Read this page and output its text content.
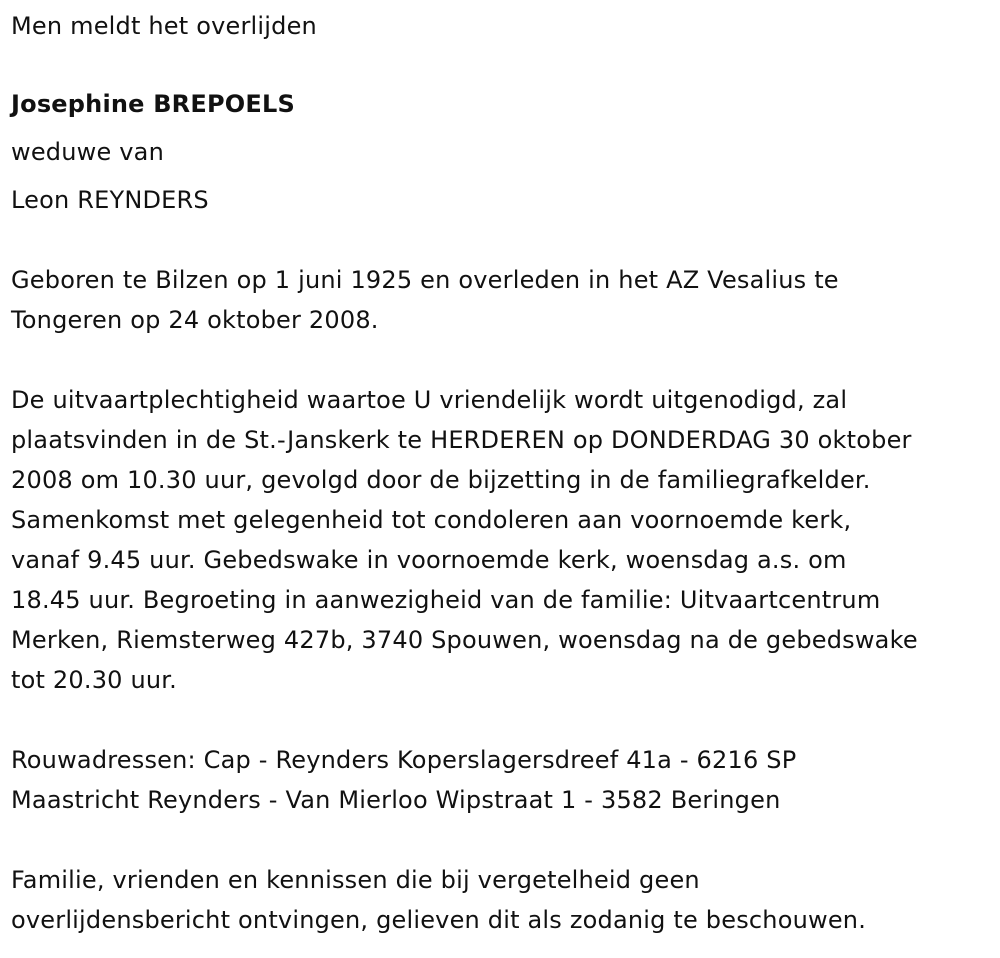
Men meldt het overlijden
Josephine BREPOELS
weduwe van
Leon REYNDERS

Geboren te Bilzen op 1 juni 1925 en overleden in het AZ Vesalius te

Tongeren op 24 oktober 2008.

De uitvaartplechtigheid waartoe U vriendelijk wordt uitgenodigd, zal

plaatsvinden in de St.-Janskerk te HERDEREN op DONDERDAG 30 oktober

2008 om 10.30 uur, gevolgd door de bijzetting in de familiegrafkelder.

Samenkomst met gelegenheid tot condoleren aan voornoemde kerk,

vanaf 9.45 uur. Gebedswake in voornoemde kerk, woensdag a.s. om

18.45 uur. Begroeting in aanwezigheid van de familie: Uitvaartcentrum

Merken, Riemsterweg 427b, 3740 Spouwen, woensdag na de gebedswake

tot 20.30 uur.

Rouwadressen: Cap - Reynders Koperslagersdreef 41a - 6216 SP

Maastricht Reynders - Van Mierloo Wipstraat 1 - 3582 Beringen

Familie, vrienden en kennissen die bij vergetelheid geen

overlijdensbericht ontvingen, gelieven dit als zodanig te beschouwen.
